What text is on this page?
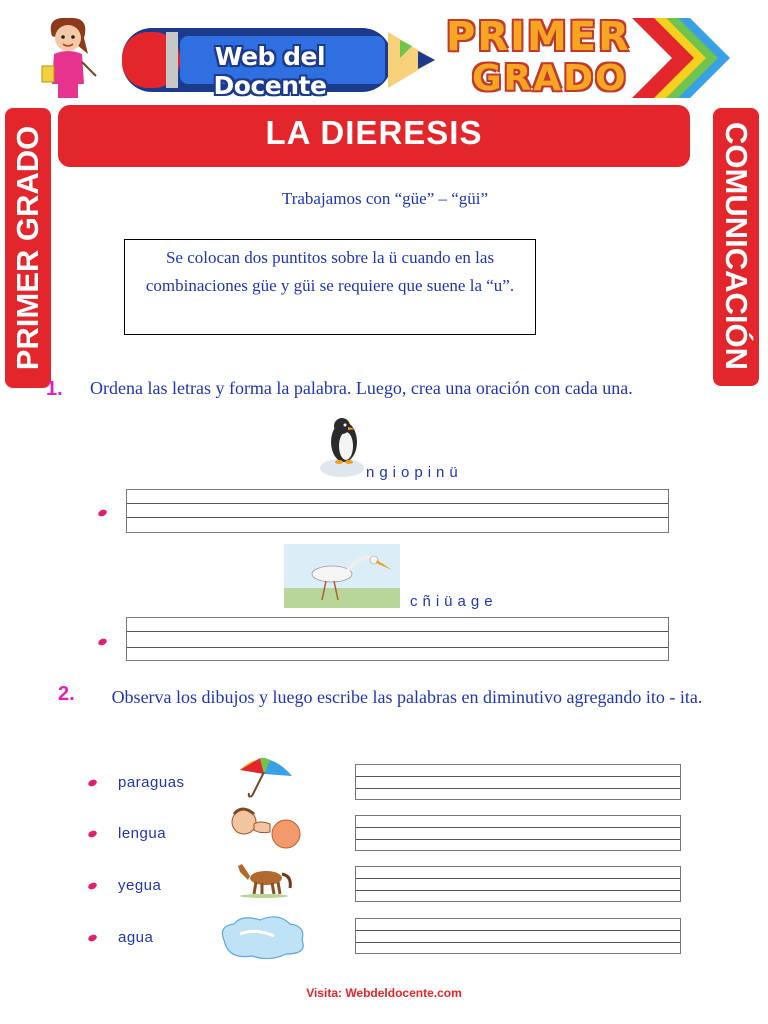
Web del Docente
PRIMER
GRADO
LA DIERESIS
PRIMER GRADO	COMUNICACIÓN
Trabajamos con “güe” – “güi”
Se colocan dos puntitos sobre la ü cuando en las combinaciones güe y güi se requiere que suene la “u”.
1. Ordena las letras y forma la palabra. Luego, crea una oración con cada una.
ngiopinü
cñiüage
2.	Observa los dibujos y luego escribe las palabras en diminutivo agregando ito - ita.
paraguas
lengua
yegua
agua
Visita: Webdeldocente.com
